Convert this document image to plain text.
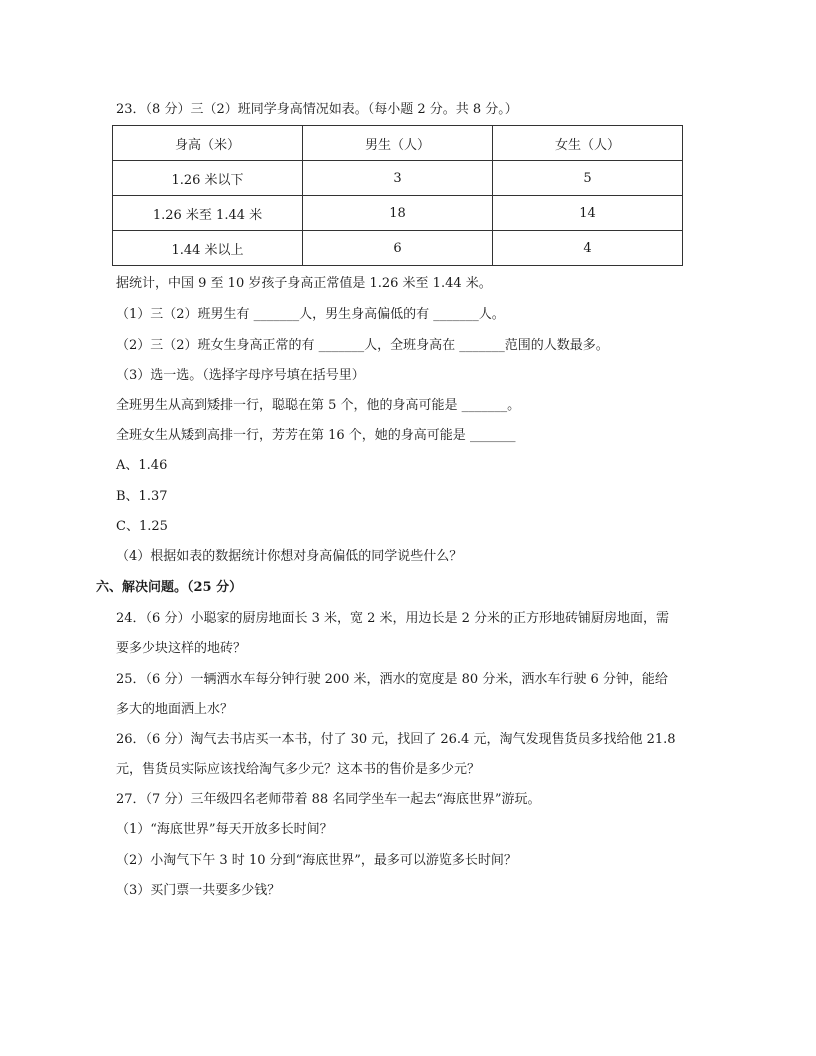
23．（8 分）三（2）班同学身高情况如表。（每小题 2 分。共 8 分。）
身高（米）	男生（人）	女生（人）
1.26 米以下	3	5
1.26 米至 1.44 米	18	14
1.44 米以上	6	4
据统计，中国 9 至 10 岁孩子身高正常值是 1.26 米至 1.44 米。
（1）三（2）班男生有 _______人，男生身高偏低的有 _______人。
（2）三（2）班女生身高正常的有 _______人，全班身高在 _______范围的人数最多。
（3）选一选。（选择字母序号填在括号里）
全班男生从高到矮排一行，聪聪在第 5 个，他的身高可能是 _______。
全班女生从矮到高排一行，芳芳在第 16 个，她的身高可能是 _______
A、1.46
B、1.37
C、1.25
（4）根据如表的数据统计你想对身高偏低的同学说些什么？
六、解决问题。（25 分）
24．（6 分）小聪家的厨房地面长 3 米，宽 2 米，用边长是 2 分米的正方形地砖铺厨房地面，需
要多少块这样的地砖？
25．（6 分）一辆洒水车每分钟行驶 200 米，洒水的宽度是 80 分米，洒水车行驶 6 分钟，能给
多大的地面洒上水？
26．（6 分）淘气去书店买一本书，付了 30 元，找回了 26.4 元，淘气发现售货员多找给他 21.8
元，售货员实际应该找给淘气多少元？这本书的售价是多少元？
27．（7 分）三年级四名老师带着 88 名同学坐车一起去“海底世界”游玩。
（1）“海底世界”每天开放多长时间？
（2）小淘气下午 3 时 10 分到“海底世界”，最多可以游览多长时间？
（3）买门票一共要多少钱？
